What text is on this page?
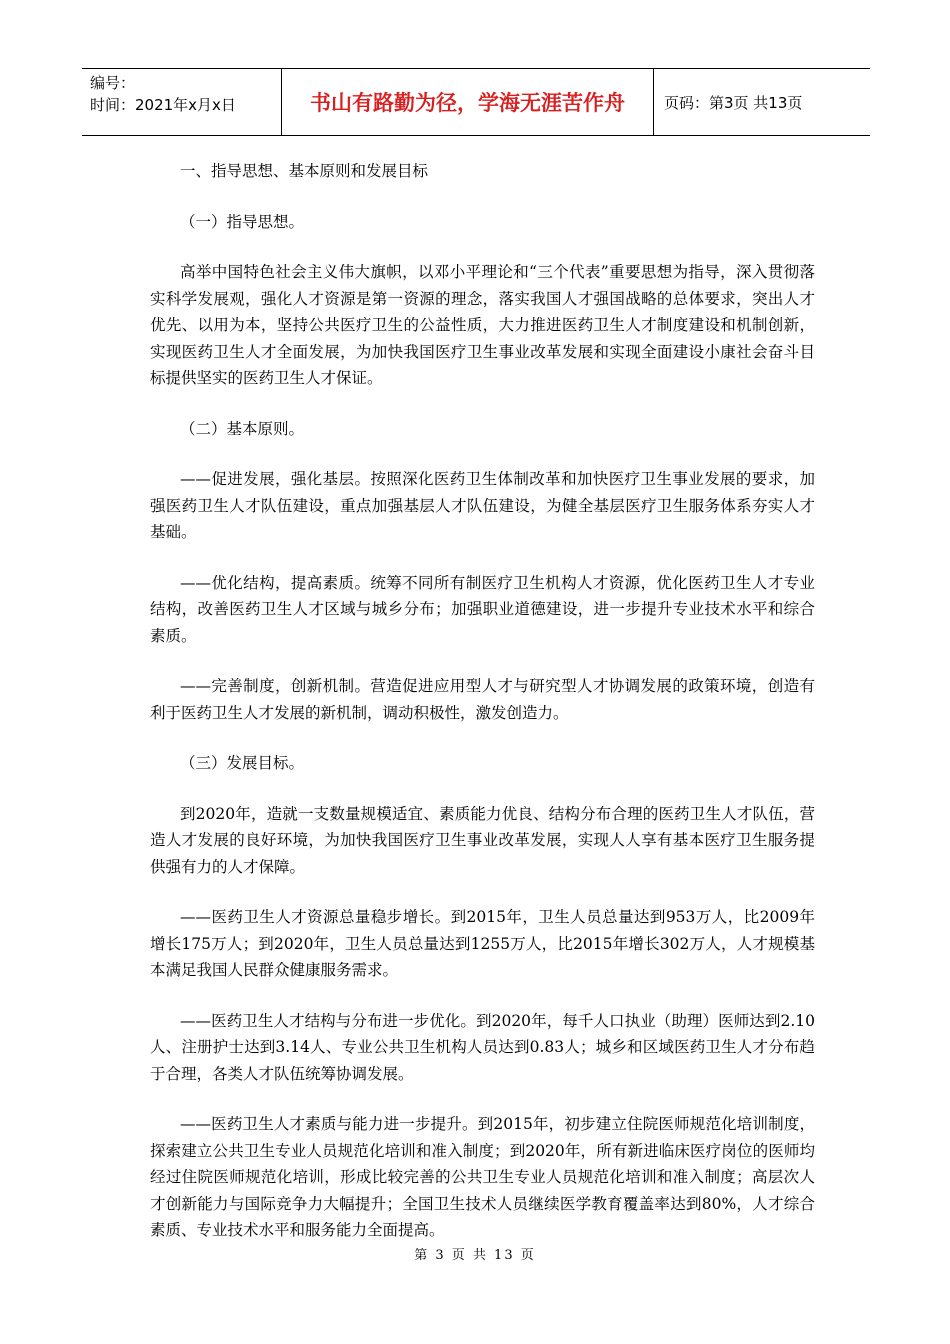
编号：
时间：2021年x月x日	书山有路勤为径，学海无涯苦作舟	页码：第3页 共13页

一、指导思想、基本原则和发展目标

（一）指导思想。

高举中国特色社会主义伟大旗帜，以邓小平理论和“三个代表”重要思想为指导，深入贯彻落实科学发展观，强化人才资源是第一资源的理念，落实我国人才强国战略的总体要求，突出人才优先、以用为本，坚持公共医疗卫生的公益性质，大力推进医药卫生人才制度建设和机制创新，实现医药卫生人才全面发展，为加快我国医疗卫生事业改革发展和实现全面建设小康社会奋斗目标提供坚实的医药卫生人才保证。

（二）基本原则。

——促进发展，强化基层。按照深化医药卫生体制改革和加快医疗卫生事业发展的要求，加强医药卫生人才队伍建设，重点加强基层人才队伍建设，为健全基层医疗卫生服务体系夯实人才基础。

——优化结构，提高素质。统筹不同所有制医疗卫生机构人才资源，优化医药卫生人才专业结构，改善医药卫生人才区域与城乡分布；加强职业道德建设，进一步提升专业技术水平和综合素质。

——完善制度，创新机制。营造促进应用型人才与研究型人才协调发展的政策环境，创造有利于医药卫生人才发展的新机制，调动积极性，激发创造力。

（三）发展目标。

到2020年，造就一支数量规模适宜、素质能力优良、结构分布合理的医药卫生人才队伍，营造人才发展的良好环境，为加快我国医疗卫生事业改革发展，实现人人享有基本医疗卫生服务提供强有力的人才保障。

——医药卫生人才资源总量稳步增长。到2015年，卫生人员总量达到953万人，比2009年增长175万人；到2020年，卫生人员总量达到1255万人，比2015年增长302万人，人才规模基本满足我国人民群众健康服务需求。

——医药卫生人才结构与分布进一步优化。到2020年，每千人口执业（助理）医师达到2.10人、注册护士达到3.14人、专业公共卫生机构人员达到0.83人；城乡和区域医药卫生人才分布趋于合理，各类人才队伍统筹协调发展。

——医药卫生人才素质与能力进一步提升。到2015年，初步建立住院医师规范化培训制度，探索建立公共卫生专业人员规范化培训和准入制度；到2020年，所有新进临床医疗岗位的医师均经过住院医师规范化培训，形成比较完善的公共卫生专业人员规范化培训和准入制度；高层次人才创新能力与国际竞争力大幅提升；全国卫生技术人员继续医学教育覆盖率达到80%，人才综合素质、专业技术水平和服务能力全面提高。

第 3 页 共 13 页
